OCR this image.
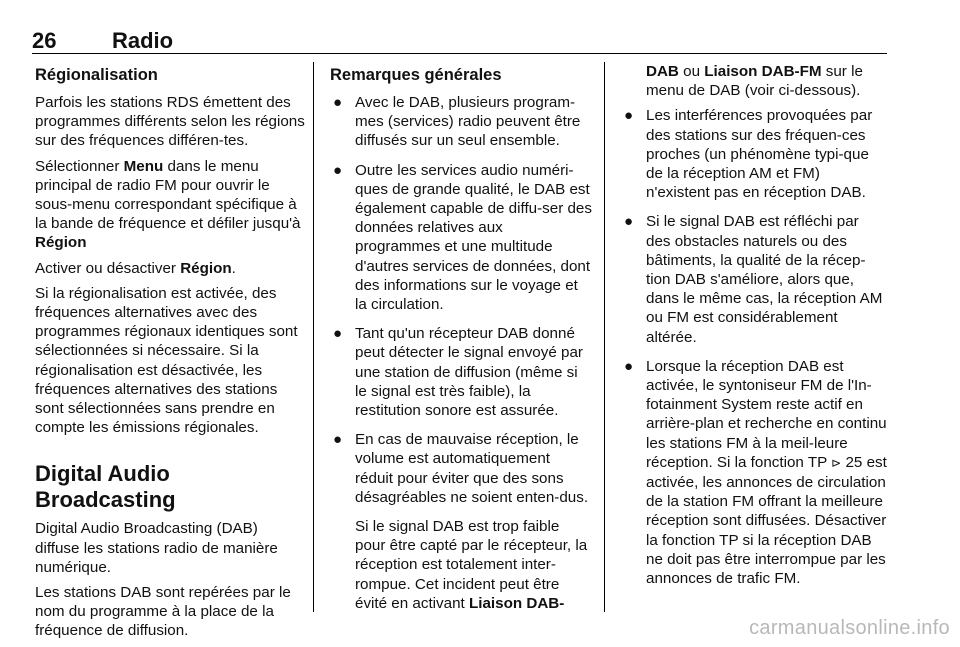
26	Radio
Régionalisation

Parfois les stations RDS émettent des programmes différents selon les régions sur des fréquences différen-tes.

Sélectionner Menu dans le menu principal de radio FM pour ouvrir le sous-menu correspondant spécifique à la bande de fréquence et défiler jusqu'à Région

Activer ou désactiver Région.

Si la régionalisation est activée, des fréquences alternatives avec des programmes régionaux identiques sont sélectionnées si nécessaire. Si la régionalisation est désactivée, les fréquences alternatives des stations sont sélectionnées sans prendre en compte les émissions régionales.

Digital Audio Broadcasting

Digital Audio Broadcasting (DAB) diffuse les stations radio de manière numérique.

Les stations DAB sont repérées par le nom du programme à la place de la fréquence de diffusion.

Remarques générales
● Avec le DAB, plusieurs program-mes (services) radio peuvent être diffusés sur un seul ensemble.
● Outre les services audio numéri-ques de grande qualité, le DAB est également capable de diffu-ser des données relatives aux programmes et une multitude d'autres services de données, dont des informations sur le voyage et la circulation.
● Tant qu'un récepteur DAB donné peut détecter le signal envoyé par une station de diffusion (même si le signal est très faible), la restitution sonore est assurée.
● En cas de mauvaise réception, le volume est automatiquement réduit pour éviter que des sons désagréables ne soient enten-dus.

Si le signal DAB est trop faible pour être capté par le récepteur, la réception est totalement inter-rompue. Cet incident peut être évité en activant Liaison DAB-

DAB ou Liaison DAB-FM sur le menu de DAB (voir ci-dessous).

● Les interférences provoquées par des stations sur des fréquen-ces proches (un phénomène typi-que de la réception AM et FM) n'existent pas en réception DAB.
● Si le signal DAB est réfléchi par des obstacles naturels ou des bâtiments, la qualité de la récep-tion DAB s'améliore, alors que, dans le même cas, la réception AM ou FM est considérablement altérée.
● Lorsque la réception DAB est activée, le syntoniseur FM de l'In-fotainment System reste actif en arrière-plan et recherche en continu les stations FM à la meil-leure réception. Si la fonction TP ⊳ 25 est activée, les annonces de circulation de la station FM offrant la meilleure réception sont diffusées. Désactiver la fonction TP si la réception DAB ne doit pas être interrompue par les annonces de trafic FM.
carmanualsonline.info
